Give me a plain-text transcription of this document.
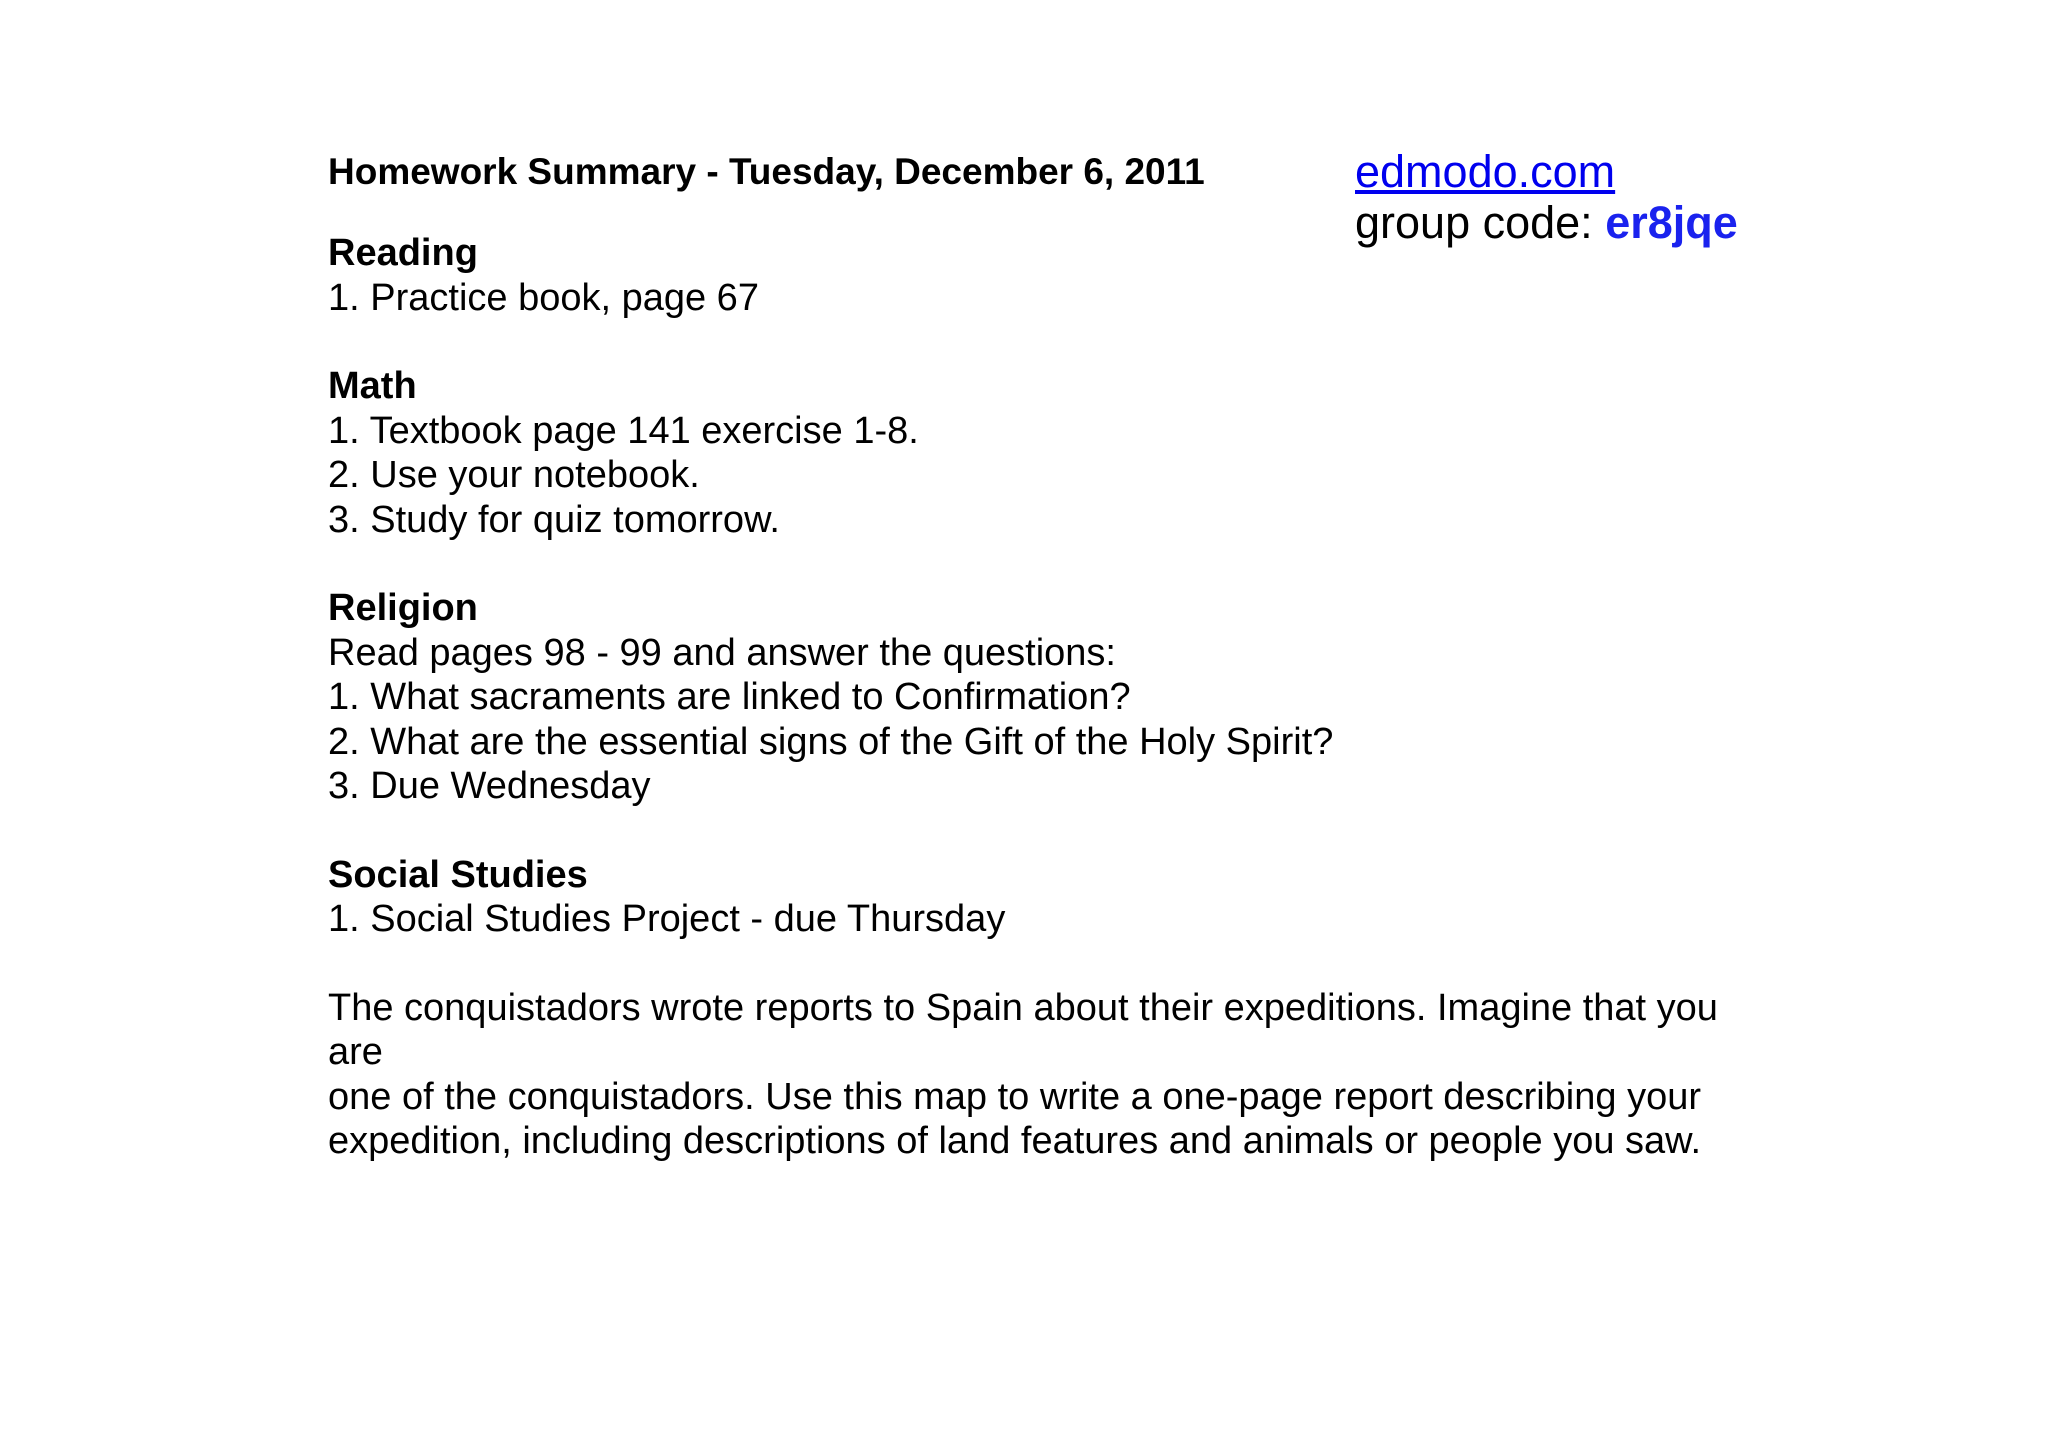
Homework Summary - Tuesday, December 6, 2011
Reading
1. Practice book, page 67
Math
1. Textbook page 141 exercise 1-8.
2. Use your notebook.
3. Study for quiz tomorrow.
Religion
Read pages 98 - 99 and answer the questions:
1. What sacraments are linked to Confirmation?
2. What are the essential signs of the Gift of the Holy Spirit?
3. Due Wednesday
Social Studies
1. Social Studies Project - due Thursday
The conquistadors wrote reports to Spain about their expeditions. Imagine that you are
one of the conquistadors. Use this map to write a one-page report describing your
expedition, including descriptions of land features and animals or people you saw.
edmodo.com
group code: er8jqe
